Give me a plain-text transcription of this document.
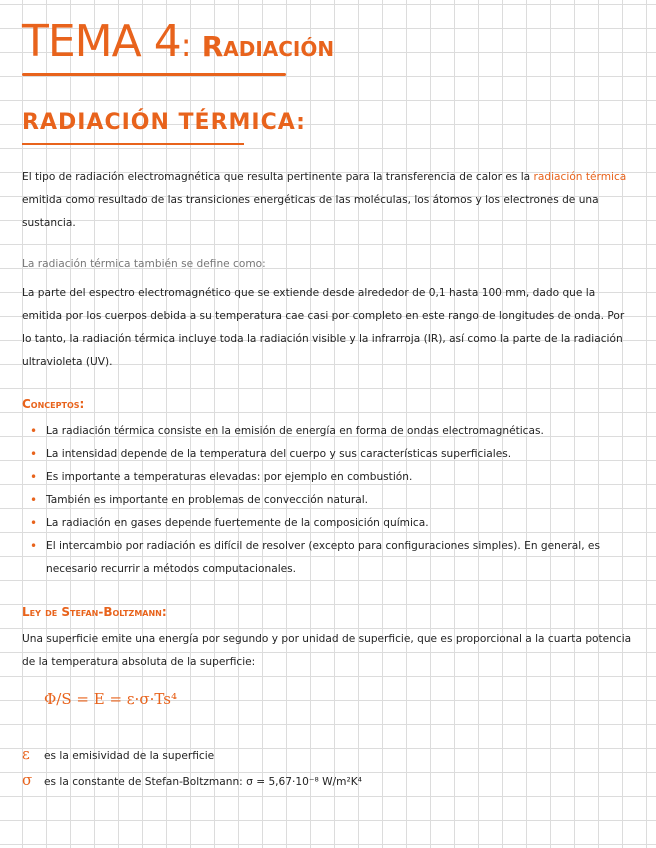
TEMA 4: Radiación
RADIACIÓN TÉRMICA:

El tipo de radiación electromagnética que resulta pertinente para la transferencia de calor es la radiación térmica emitida como resultado de las transiciones energéticas de las moléculas, los átomos y los electrones de una sustancia.

La radiación térmica también se define como:

La parte del espectro electromagnético que se extiende desde alrededor de 0,1 hasta 100 mm, dado que la emitida por los cuerpos debida a su temperatura cae casi por completo en este rango de longitudes de onda. Por lo tanto, la radiación térmica incluye toda la radiación visible y la infrarroja (IR), así como la parte de la radiación ultravioleta (UV).

Conceptos:
• La radiación térmica consiste en la emisión de energía en forma de ondas electromagnéticas.
• La intensidad depende de la temperatura del cuerpo y sus características superficiales.
• Es importante a temperaturas elevadas: por ejemplo en combustión.
• También es importante en problemas de convección natural.
• La radiación en gases depende fuertemente de la composición química.
• El intercambio por radiación es difícil de resolver (excepto para configuraciones simples). En general, es necesario recurrir a métodos computacionales.
Ley de Stefan-Boltzmann:

Una superficie emite una energía por segundo y por unidad de superficie, que es proporcional a la cuarta potencia de la temperatura absoluta de la superficie:

Φ/S = E = ε·σ·Ts⁴
ε es la emisividad de la superficie
σ es la constante de Stefan-Boltzmann: σ = 5,67·10⁻⁸ W/m²K⁴
